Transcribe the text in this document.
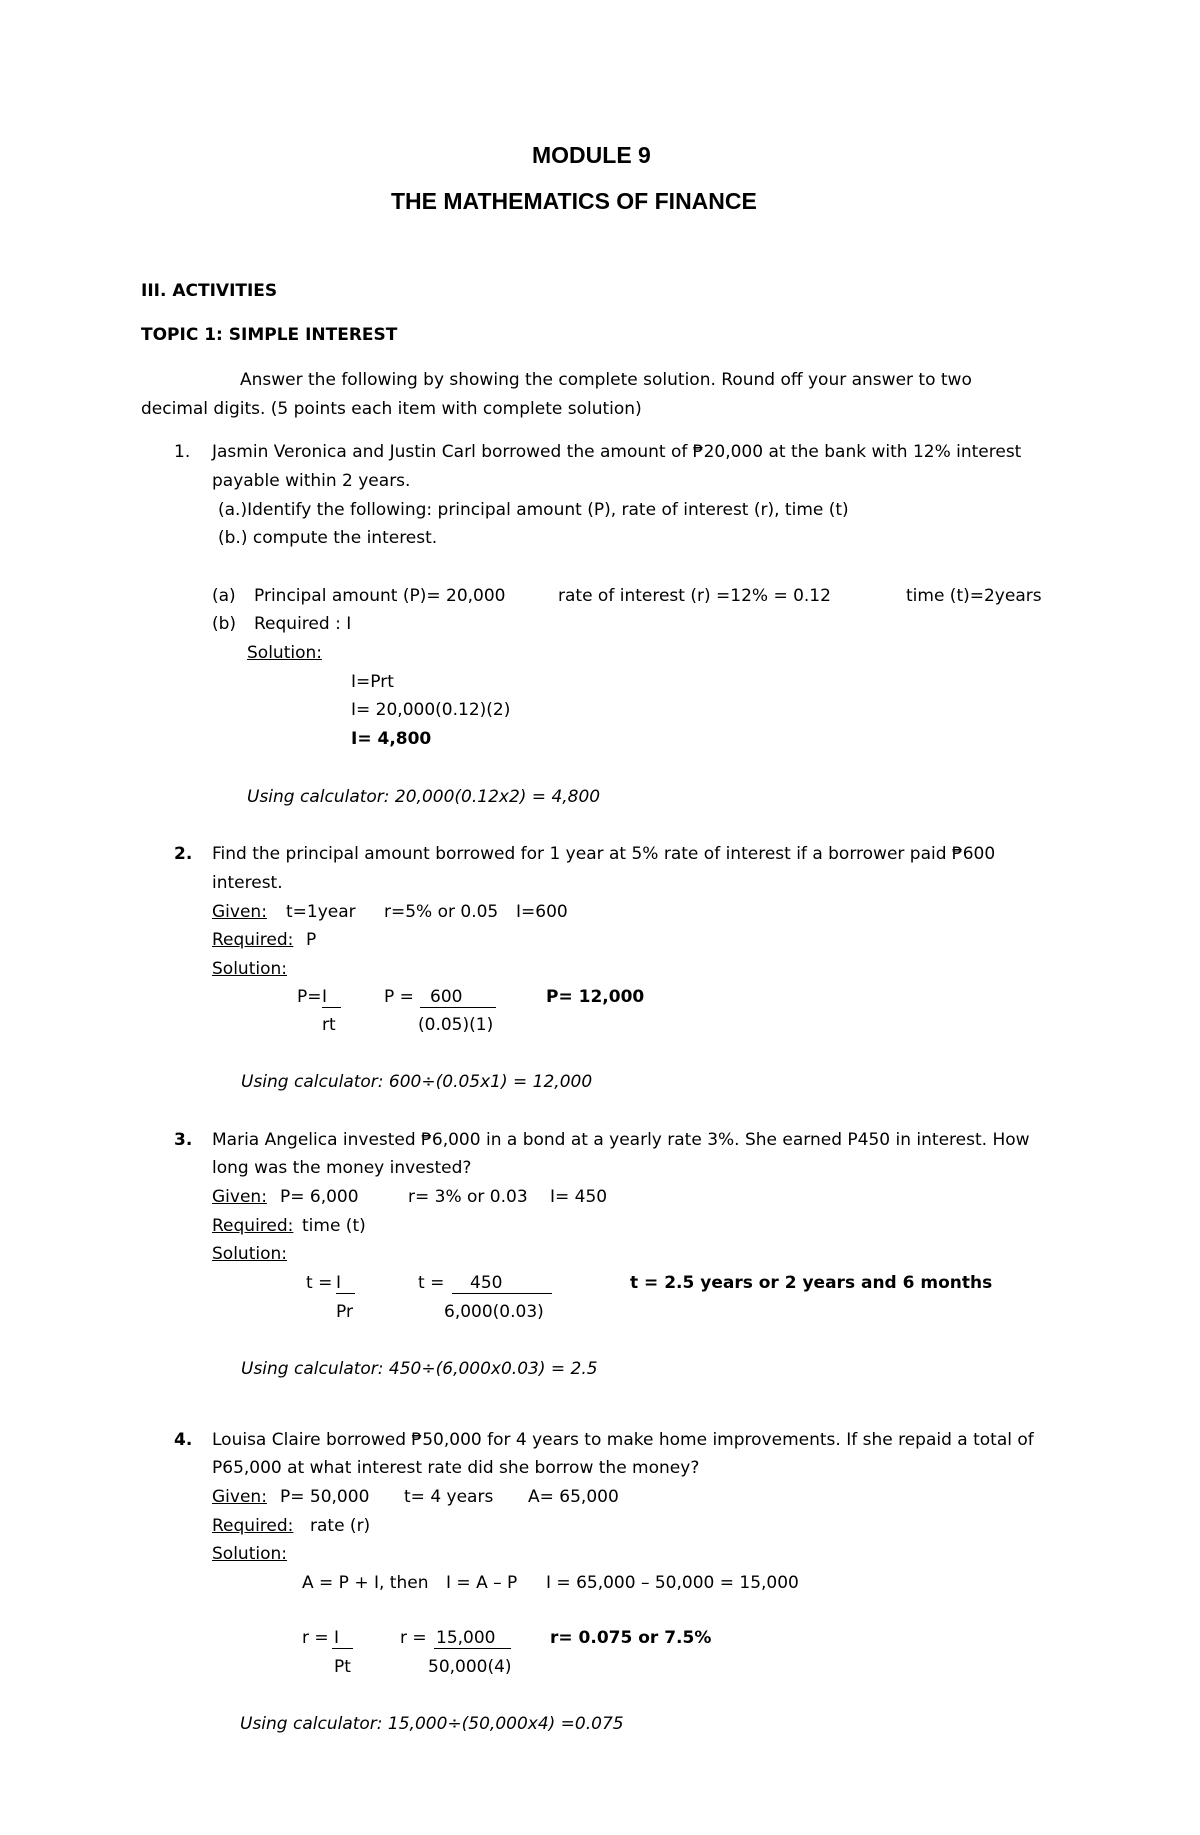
MODULE 9
THE MATHEMATICS OF FINANCE
III. ACTIVITIES
TOPIC 1: SIMPLE INTEREST
Answer the following by showing the complete solution. Round off your answer to two
decimal digits. (5 points each item with complete solution)
1. Jasmin Veronica and Justin Carl borrowed the amount of ₱20,000 at the bank with 12% interest
payable within 2 years.
(a.)Identify the following: principal amount (P), rate of interest (r), time (t)
(b.) compute the interest.
(a) Principal amount (P)= 20,000	rate of interest (r) =12% = 0.12	time (t)=2years
(b) Required : I
Solution:
I=Prt
I= 20,000(0.12)(2)
I= 4,800
Using calculator: 20,000(0.12x2) = 4,800
2. Find the principal amount borrowed for 1 year at 5% rate of interest if a borrower paid ₱600
interest.
Given: t=1year r=5% or 0.05 I=600
Required: P
Solution:
P= I
rt
P = 600
(0.05)(1)
P= 12,000
Using calculator: 600÷(0.05x1) = 12,000
3. Maria Angelica invested ₱6,000 in a bond at a yearly rate 3%. She earned P450 in interest. How
long was the money invested?
Given: P= 6,000	r= 3% or 0.03 I= 450
Required: time (t)
Solution:
t = I
Pr
t =	450
6,000(0.03)
t = 2.5 years or 2 years and 6 months
Using calculator: 450÷(6,000x0.03) = 2.5
4. Louisa Claire borrowed ₱50,000 for 4 years to make home improvements. If she repaid a total of
P65,000 at what interest rate did she borrow the money?
Given: P= 50,000 t= 4 years A= 65,000
Required: rate (r)
Solution:
A = P + I, then I = A – P I = 65,000 – 50,000 = 15,000
r = I
Pt
r = 15,000
50,000(4)
r= 0.075 or 7.5%
Using calculator: 15,000÷(50,000x4) =0.075
